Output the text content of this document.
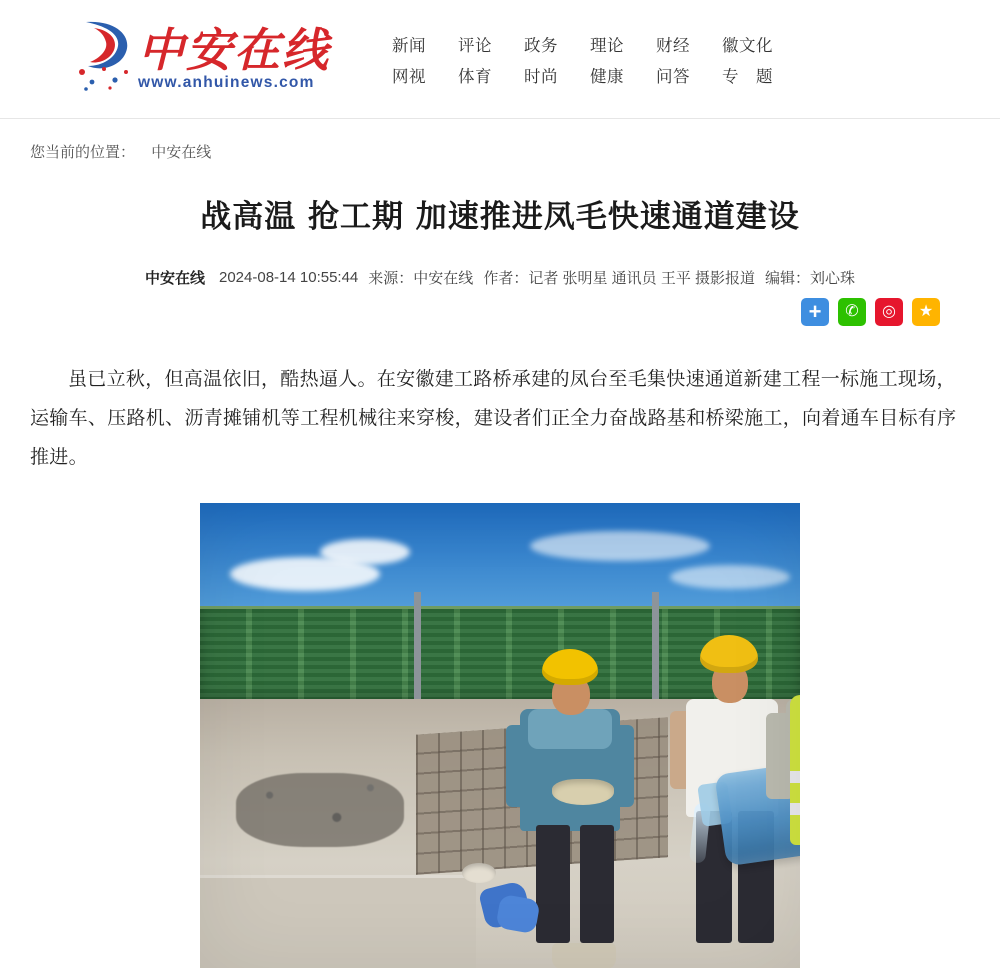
中安在线
www.anhuinews.com
新闻	评论	政务	理论	财经	徽文化
网视	体育	时尚	健康	问答	专　题
您当前的位置： 中安在线
战高温 抢工期 加速推进凤毛快速通道建设
中安在线 2024-08-14 10:55:44 来源：中安在线 作者：记者 张明星 通讯员 王平 摄影报道 编辑：刘心珠
+	✆	◎	★

虽已立秋，但高温依旧，酷热逼人。在安徽建工路桥承建的凤台至毛集快速通道新建工程一标施工现场，运输车、压路机、沥青摊铺机等工程机械往来穿梭，建设者们正全力奋战路基和桥梁施工，向着通车目标有序推进。
